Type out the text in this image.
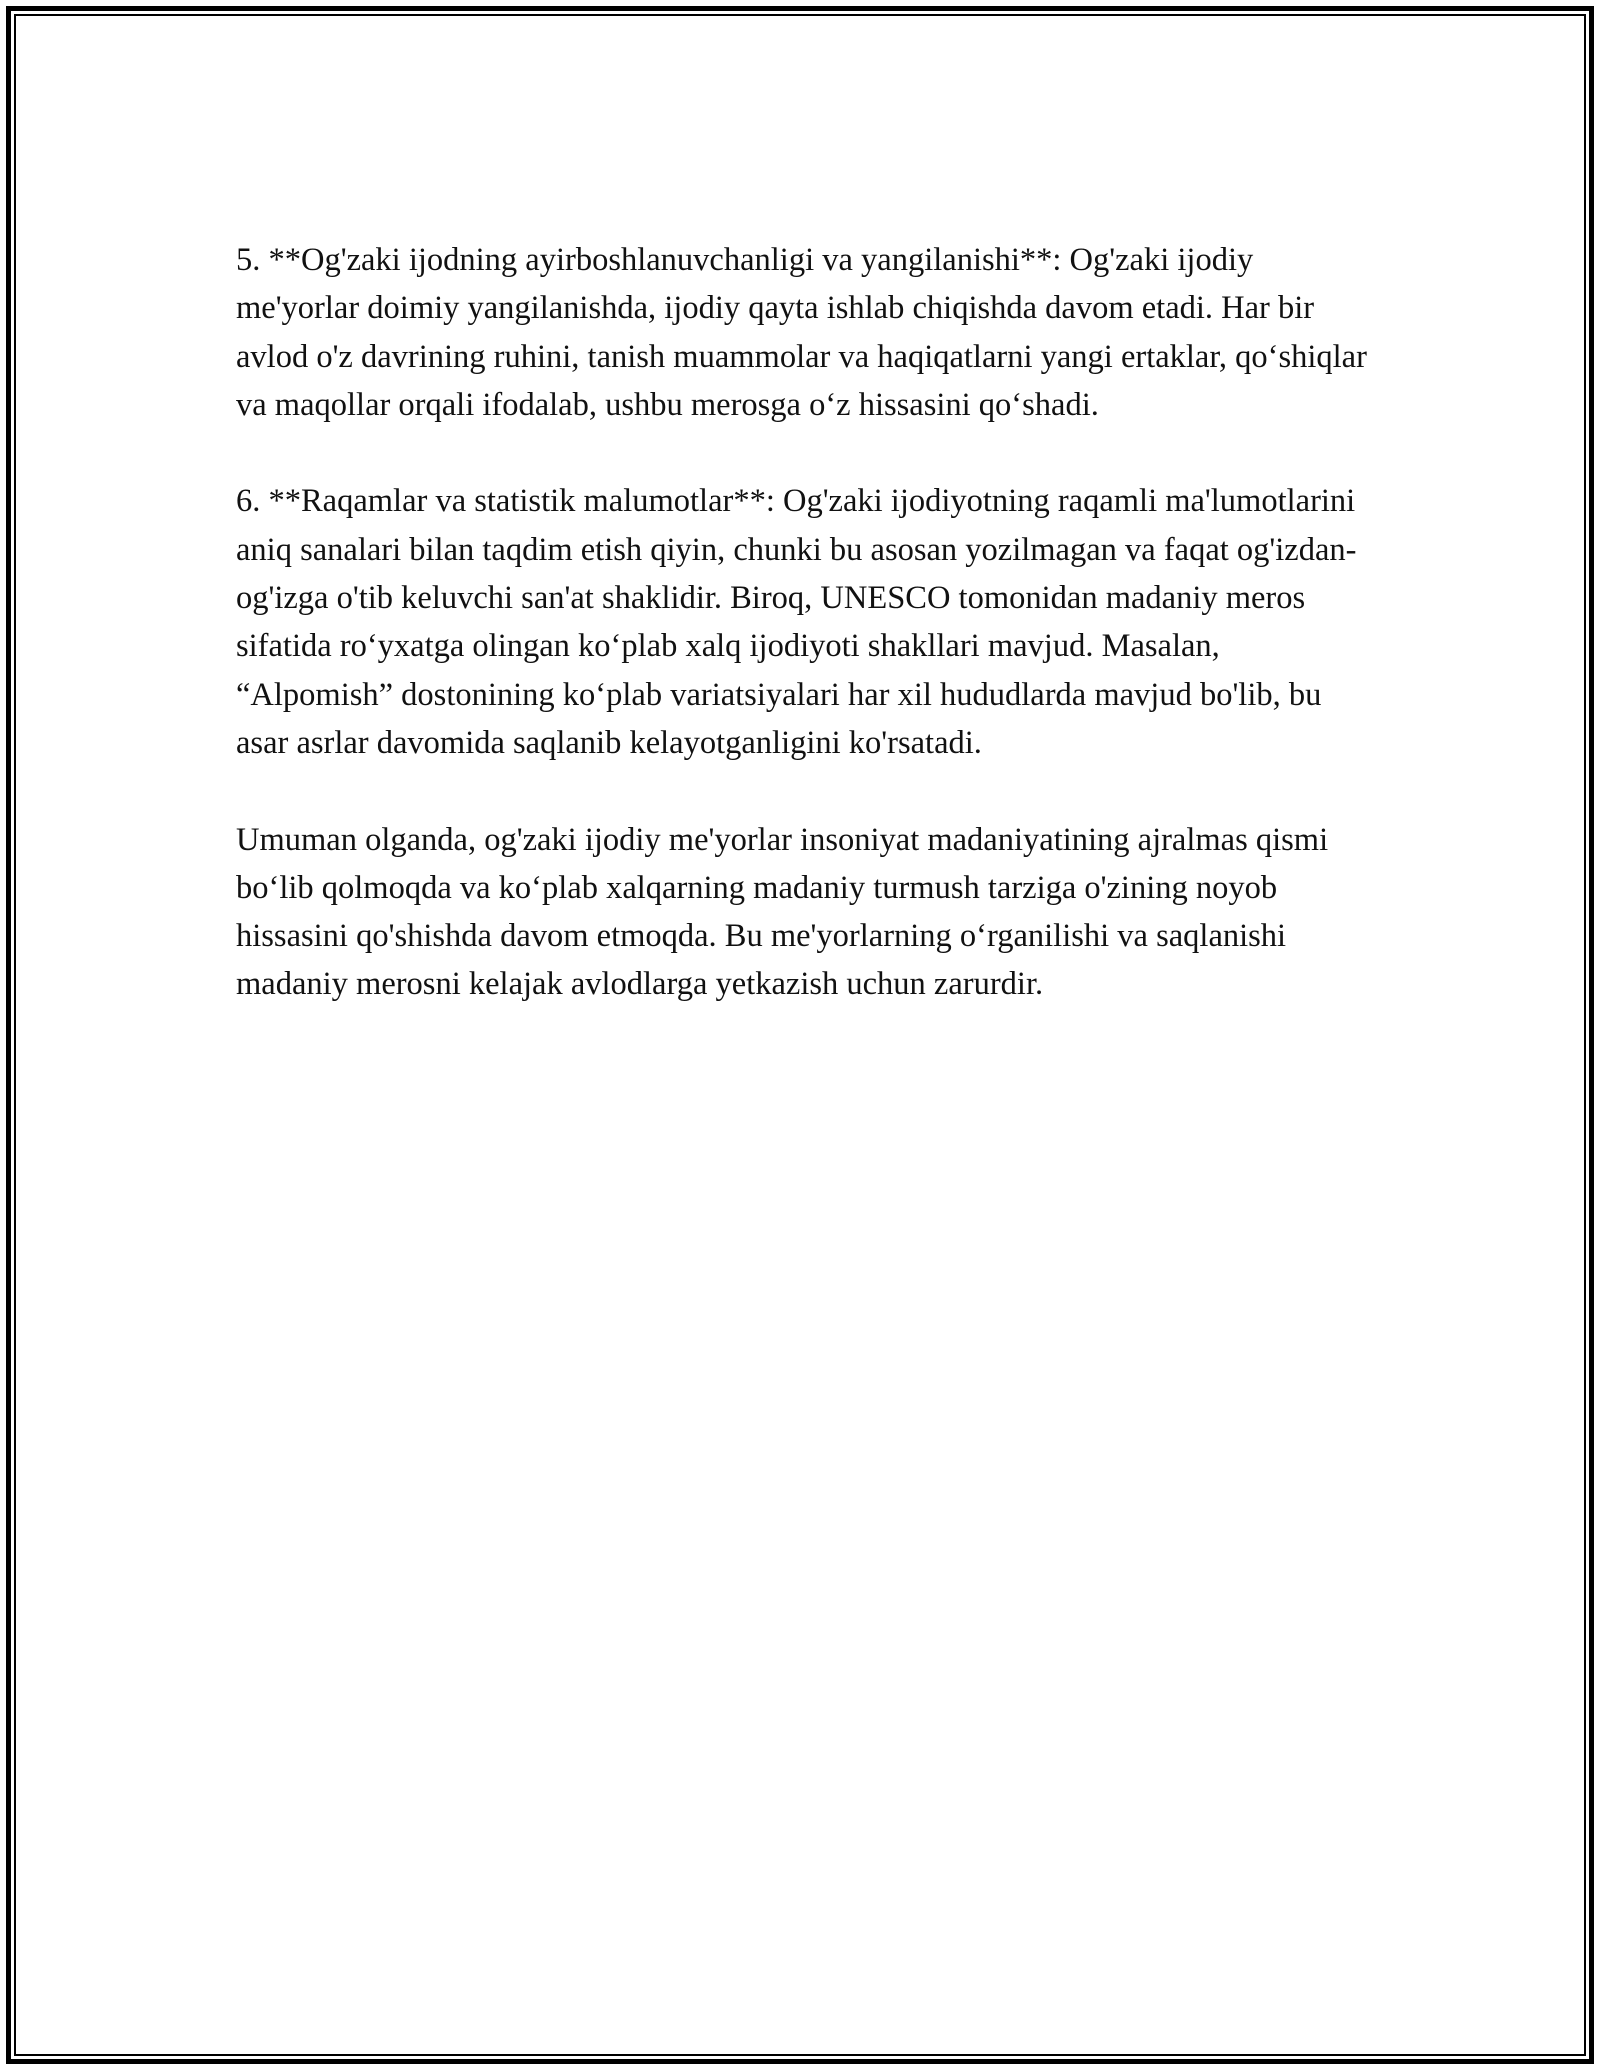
5. **Og'zaki ijodning ayirboshlanuvchanligi va yangilanishi**: Og'zaki ijodiy me'yorlar doimiy yangilanishda, ijodiy qayta ishlab chiqishda davom etadi. Har bir avlod o'z davrining ruhini, tanish muammolar va haqiqatlarni yangi ertaklar, qo‘shiqlar va maqollar orqali ifodalab, ushbu merosga o‘z hissasini qo‘shadi.

6. **Raqamlar va statistik malumotlar**: Og'zaki ijodiyotning raqamli ma'lumotlarini aniq sanalari bilan taqdim etish qiyin, chunki bu asosan yozilmagan va faqat og'izdan-og'izga o'tib keluvchi san'at shaklidir. Biroq, UNESCO tomonidan madaniy meros sifatida ro‘yxatga olingan ko‘plab xalq ijodiyoti shakllari mavjud. Masalan, “Alpomish” dostonining ko‘plab variatsiyalari har xil hududlarda mavjud bo'lib, bu asar asrlar davomida saqlanib kelayotganligini ko'rsatadi.

Umuman olganda, og'zaki ijodiy me'yorlar insoniyat madaniyatining ajralmas qismi bo‘lib qolmoqda va ko‘plab xalqarning madaniy turmush tarziga o'zining noyob hissasini qo'shishda davom etmoqda. Bu me'yorlarning o‘rganilishi va saqlanishi madaniy merosni kelajak avlodlarga yetkazish uchun zarurdir.
